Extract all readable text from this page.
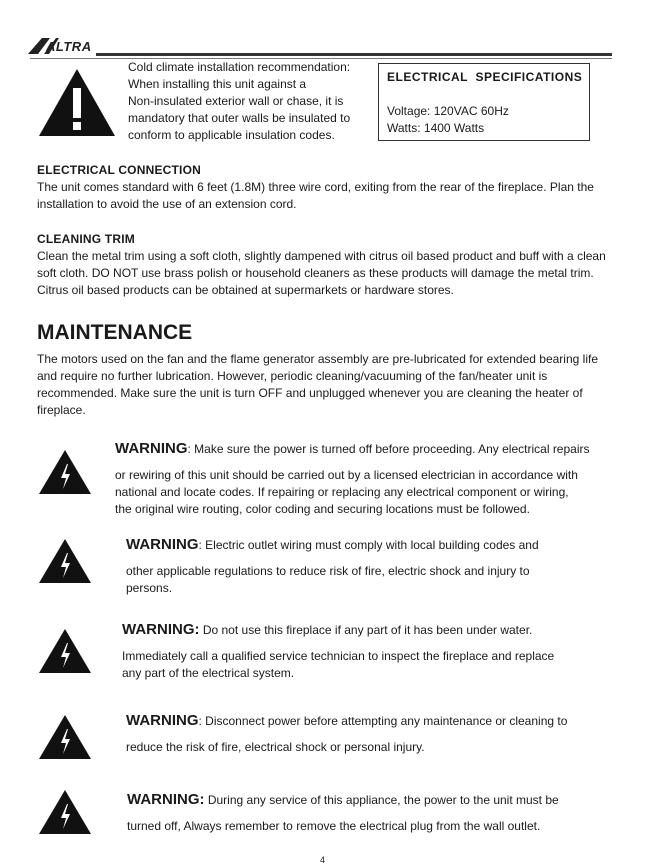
ALTRA
Cold climate installation recommendation:
When installing this unit against a
Non-insulated exterior wall or chase, it is
mandatory that outer walls be insulated to
conform to applicable insulation codes.
ELECTRICAL  SPECIFICATIONS
Voltage: 120VAC 60Hz
Watts: 1400 Watts
ELECTRICAL CONNECTION
The unit comes standard with 6 feet (1.8M) three wire cord, exiting from the rear of the fireplace. Plan the installation to avoid the use of an extension cord.
CLEANING TRIM
Clean the metal trim using a soft cloth, slightly dampened with citrus oil based product and buff with a clean soft cloth. DO NOT use brass polish or household cleaners as these products will damage the metal trim. Citrus oil based products can be obtained at supermarkets or hardware stores.
MAINTENANCE
The motors used on the fan and the flame generator assembly are pre-lubricated for extended bearing life and require no further lubrication. However, periodic cleaning/vacuuming of the fan/heater unit is recommended. Make sure the unit is turn OFF and unplugged whenever you are cleaning the heater of fireplace.
WARNING: Make sure the power is turned off before proceeding. Any electrical repairs
or rewiring of this unit should be carried out by a licensed electrician in accordance with
national and locate codes. If repairing or replacing any electrical component or wiring,
the original wire routing, color coding and securing locations must be followed.
WARNING: Electric outlet wiring must comply with local building codes and
other applicable regulations to reduce risk of fire, electric shock and injury to
persons.
WARNING: Do not use this fireplace if any part of it has been under water.
Immediately call a qualified service technician to inspect the fireplace and replace
any part of the electrical system.
WARNING: Disconnect power before attempting any maintenance or cleaning to
reduce the risk of fire, electrical shock or personal injury.
WARNING: During any service of this appliance, the power to the unit must be
turned off, Always remember to remove the electrical plug from the wall outlet.
4
